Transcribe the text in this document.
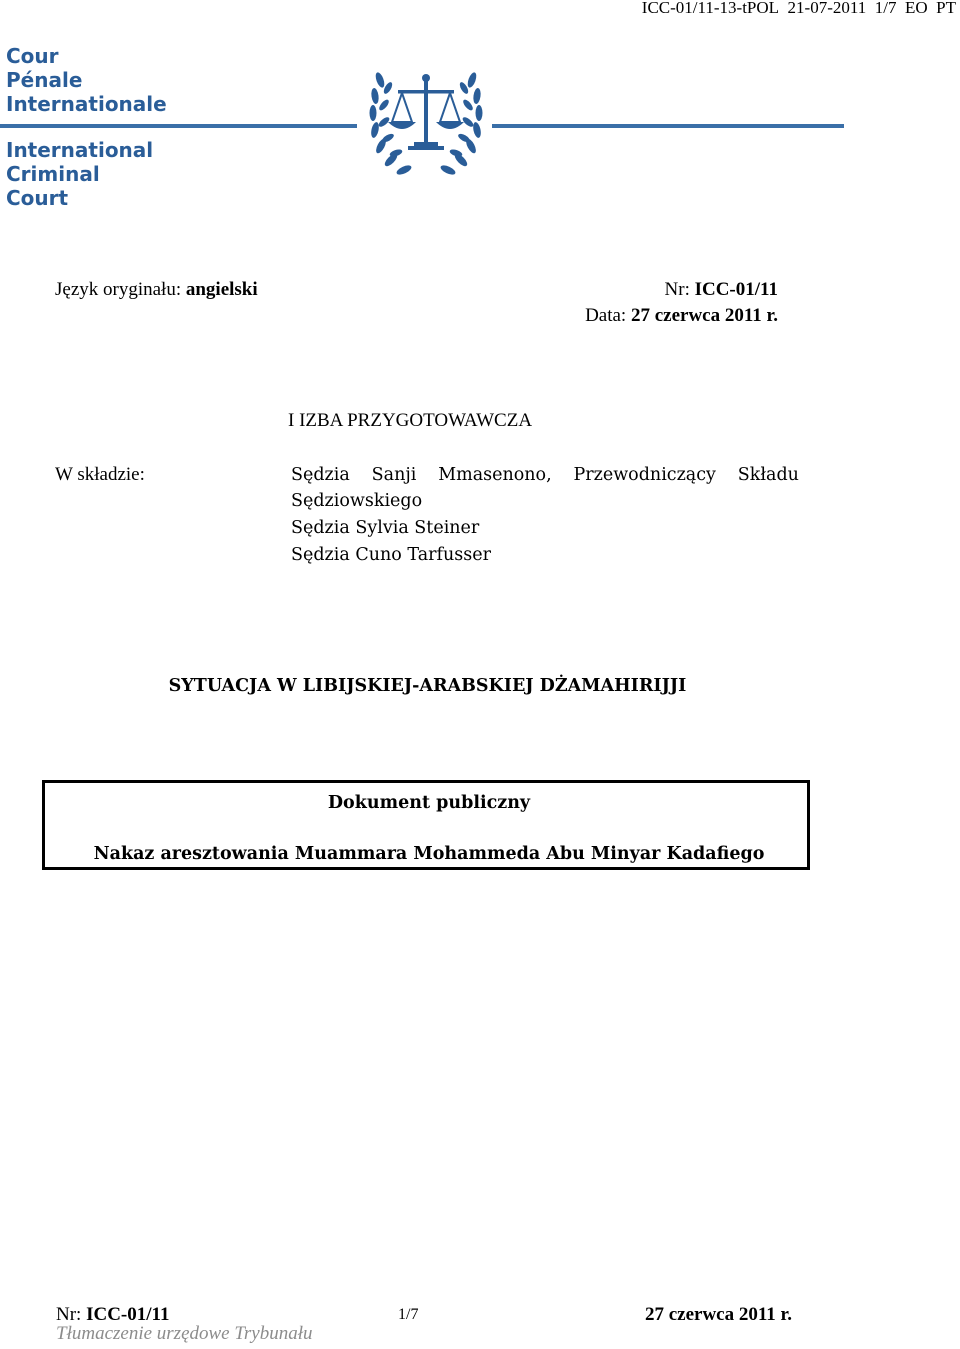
ICC-01/11-13-tPOL 21-07-2011 1/7 EO PT
Cour
Pénale
Internationale
International
Criminal
Court
Język oryginału: angielski	Nr: ICC-01/11
Data: 27 czerwca 2011 r.
I IZBA PRZYGOTOWAWCZA
W składzie:	Sędzia Sanji Mmasenono, Przewodniczący Składu
Sędziowskiego
Sędzia Sylvia Steiner
Sędzia Cuno Tarfusser
SYTUACJA W LIBIJSKIEJ-ARABSKIEJ DŻAMAHIRIJJI
Dokument publiczny
Nakaz aresztowania Muammara Mohammeda Abu Minyar Kadafiego
Nr: ICC-01/11	1/7	27 czerwca 2011 r.
Tłumaczenie urzędowe Trybunału
